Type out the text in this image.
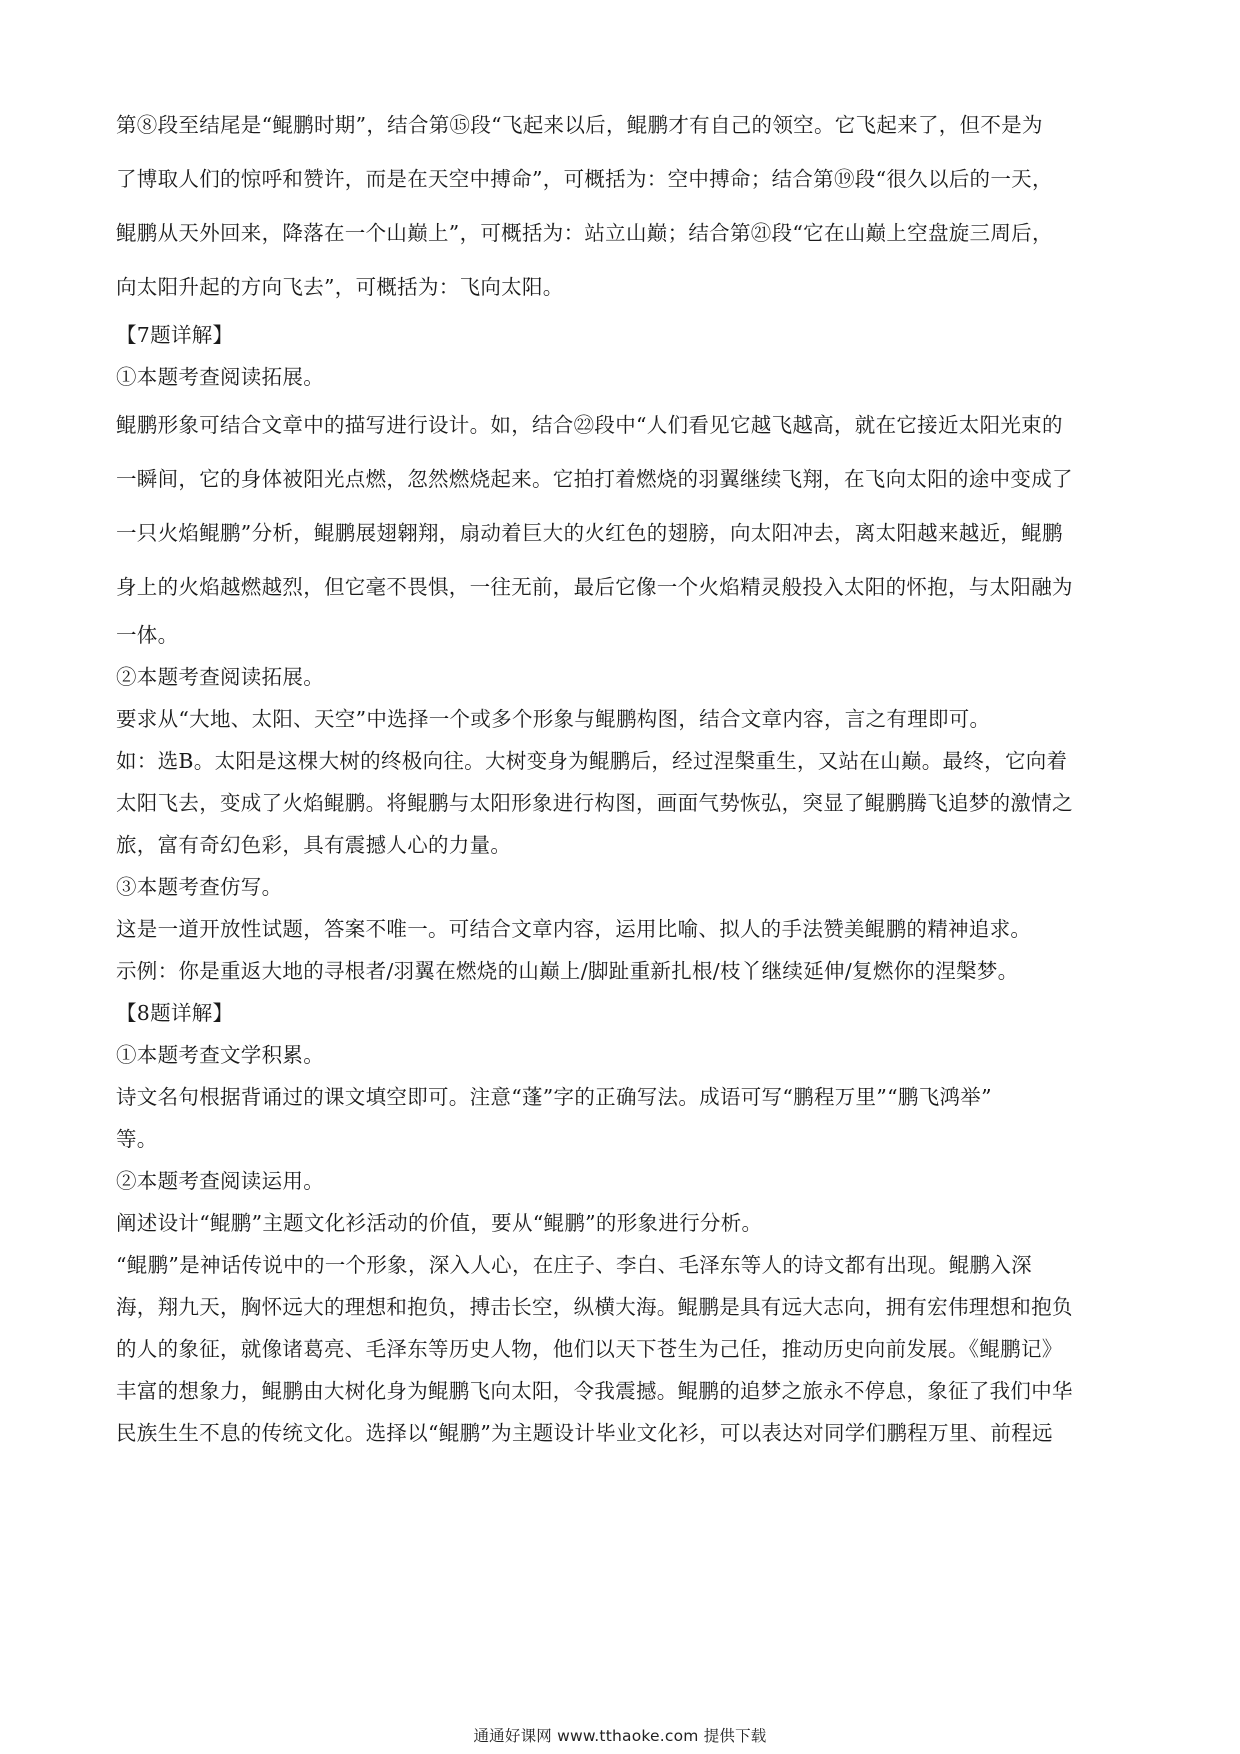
第⑧段至结尾是“鲲鹏时期”，结合第⑮段“飞起来以后，鲲鹏才有自己的领空。它飞起来了，但不是为
了博取人们的惊呼和赞许，而是在天空中搏命”，可概括为：空中搏命；结合第⑲段“很久以后的一天，
鲲鹏从天外回来，降落在一个山巅上”，可概括为：站立山巅；结合第㉑段“它在山巅上空盘旋三周后，
向太阳升起的方向飞去”，可概括为：飞向太阳。
【7题详解】
①本题考查阅读拓展。
鲲鹏形象可结合文章中的描写进行设计。如，结合㉒段中“人们看见它越飞越高，就在它接近太阳光束的
一瞬间，它的身体被阳光点燃，忽然燃烧起来。它拍打着燃烧的羽翼继续飞翔，在飞向太阳的途中变成了
一只火焰鲲鹏”分析，鲲鹏展翅翱翔，扇动着巨大的火红色的翅膀，向太阳冲去，离太阳越来越近，鲲鹏
身上的火焰越燃越烈，但它毫不畏惧，一往无前，最后它像一个火焰精灵般投入太阳的怀抱，与太阳融为
一体。
②本题考查阅读拓展。
要求从“大地、太阳、天空”中选择一个或多个形象与鲲鹏构图，结合文章内容，言之有理即可。
如：选B。太阳是这棵大树的终极向往。大树变身为鲲鹏后，经过涅槃重生，又站在山巅。最终，它向着
太阳飞去，变成了火焰鲲鹏。将鲲鹏与太阳形象进行构图，画面气势恢弘，突显了鲲鹏腾飞追梦的激情之
旅，富有奇幻色彩，具有震撼人心的力量。
③本题考查仿写。
这是一道开放性试题，答案不唯一。可结合文章内容，运用比喻、拟人的手法赞美鲲鹏的精神追求。
示例：你是重返大地的寻根者/羽翼在燃烧的山巅上/脚趾重新扎根/枝丫继续延伸/复燃你的涅槃梦。
【8题详解】
①本题考查文学积累。
诗文名句根据背诵过的课文填空即可。注意“蓬”字的正确写法。成语可写“鹏程万里”“鹏飞鸿举”
等。
②本题考查阅读运用。
阐述设计“鲲鹏”主题文化衫活动的价值，要从“鲲鹏”的形象进行分析。
“鲲鹏”是神话传说中的一个形象，深入人心，在庄子、李白、毛泽东等人的诗文都有出现。鲲鹏入深
海，翔九天，胸怀远大的理想和抱负，搏击长空，纵横大海。鲲鹏是具有远大志向，拥有宏伟理想和抱负
的人的象征，就像诸葛亮、毛泽东等历史人物，他们以天下苍生为己任，推动历史向前发展。《鲲鹏记》
丰富的想象力，鲲鹏由大树化身为鲲鹏飞向太阳，令我震撼。鲲鹏的追梦之旅永不停息，象征了我们中华
民族生生不息的传统文化。选择以“鲲鹏”为主题设计毕业文化衫，可以表达对同学们鹏程万里、前程远
通通好课网 www.tthaoke.com 提供下载
